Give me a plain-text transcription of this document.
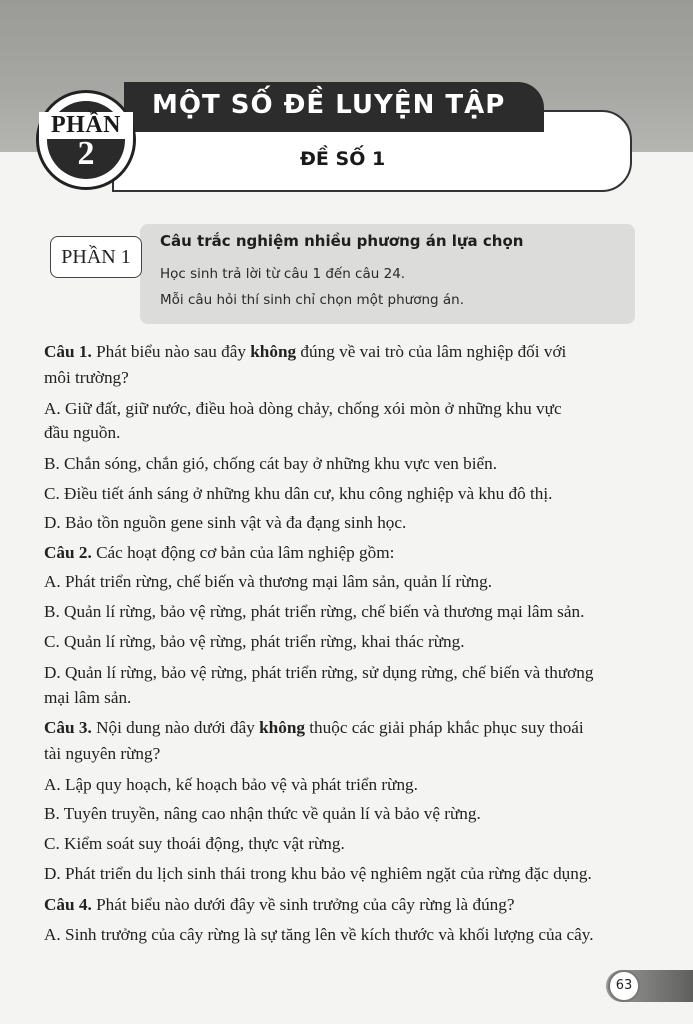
MỘT SỐ ĐỀ LUYỆN TẬP
ĐỀ SỐ 1
PHẦN
2
PHẦN 1
Câu trắc nghiệm nhiều phương án lựa chọn
Học sinh trả lời từ câu 1 đến câu 24.
Mỗi câu hỏi thí sinh chỉ chọn một phương án.
Câu 1. Phát biểu nào sau đây không đúng về vai trò của lâm nghiệp đối với
môi trường?
A. Giữ đất, giữ nước, điều hoà dòng chảy, chống xói mòn ở những khu vực
đầu nguồn.
B. Chắn sóng, chắn gió, chống cát bay ở những khu vực ven biển.
C. Điều tiết ánh sáng ở những khu dân cư, khu công nghiệp và khu đô thị.
D. Bảo tồn nguồn gene sinh vật và đa đạng sinh học.
Câu 2. Các hoạt động cơ bản của lâm nghiệp gồm:
A. Phát triển rừng, chế biến và thương mại lâm sản, quản lí rừng.
B. Quản lí rừng, bảo vệ rừng, phát triển rừng, chế biến và thương mại lâm sản.
C. Quản lí rừng, bảo vệ rừng, phát triển rừng, khai thác rừng.
D. Quản lí rừng, bảo vệ rừng, phát triển rừng, sử dụng rừng, chế biến và thương
mại lâm sản.
Câu 3. Nội dung nào dưới đây không thuộc các giải pháp khắc phục suy thoái
tài nguyên rừng?
A. Lập quy hoạch, kế hoạch bảo vệ và phát triển rừng.
B. Tuyên truyền, nâng cao nhận thức về quản lí và bảo vệ rừng.
C. Kiểm soát suy thoái động, thực vật rừng.
D. Phát triển du lịch sinh thái trong khu bảo vệ nghiêm ngặt của rừng đặc dụng.
Câu 4. Phát biểu nào dưới đây về sinh trưởng của cây rừng là đúng?
A. Sinh trưởng của cây rừng là sự tăng lên về kích thước và khối lượng của cây.
63
